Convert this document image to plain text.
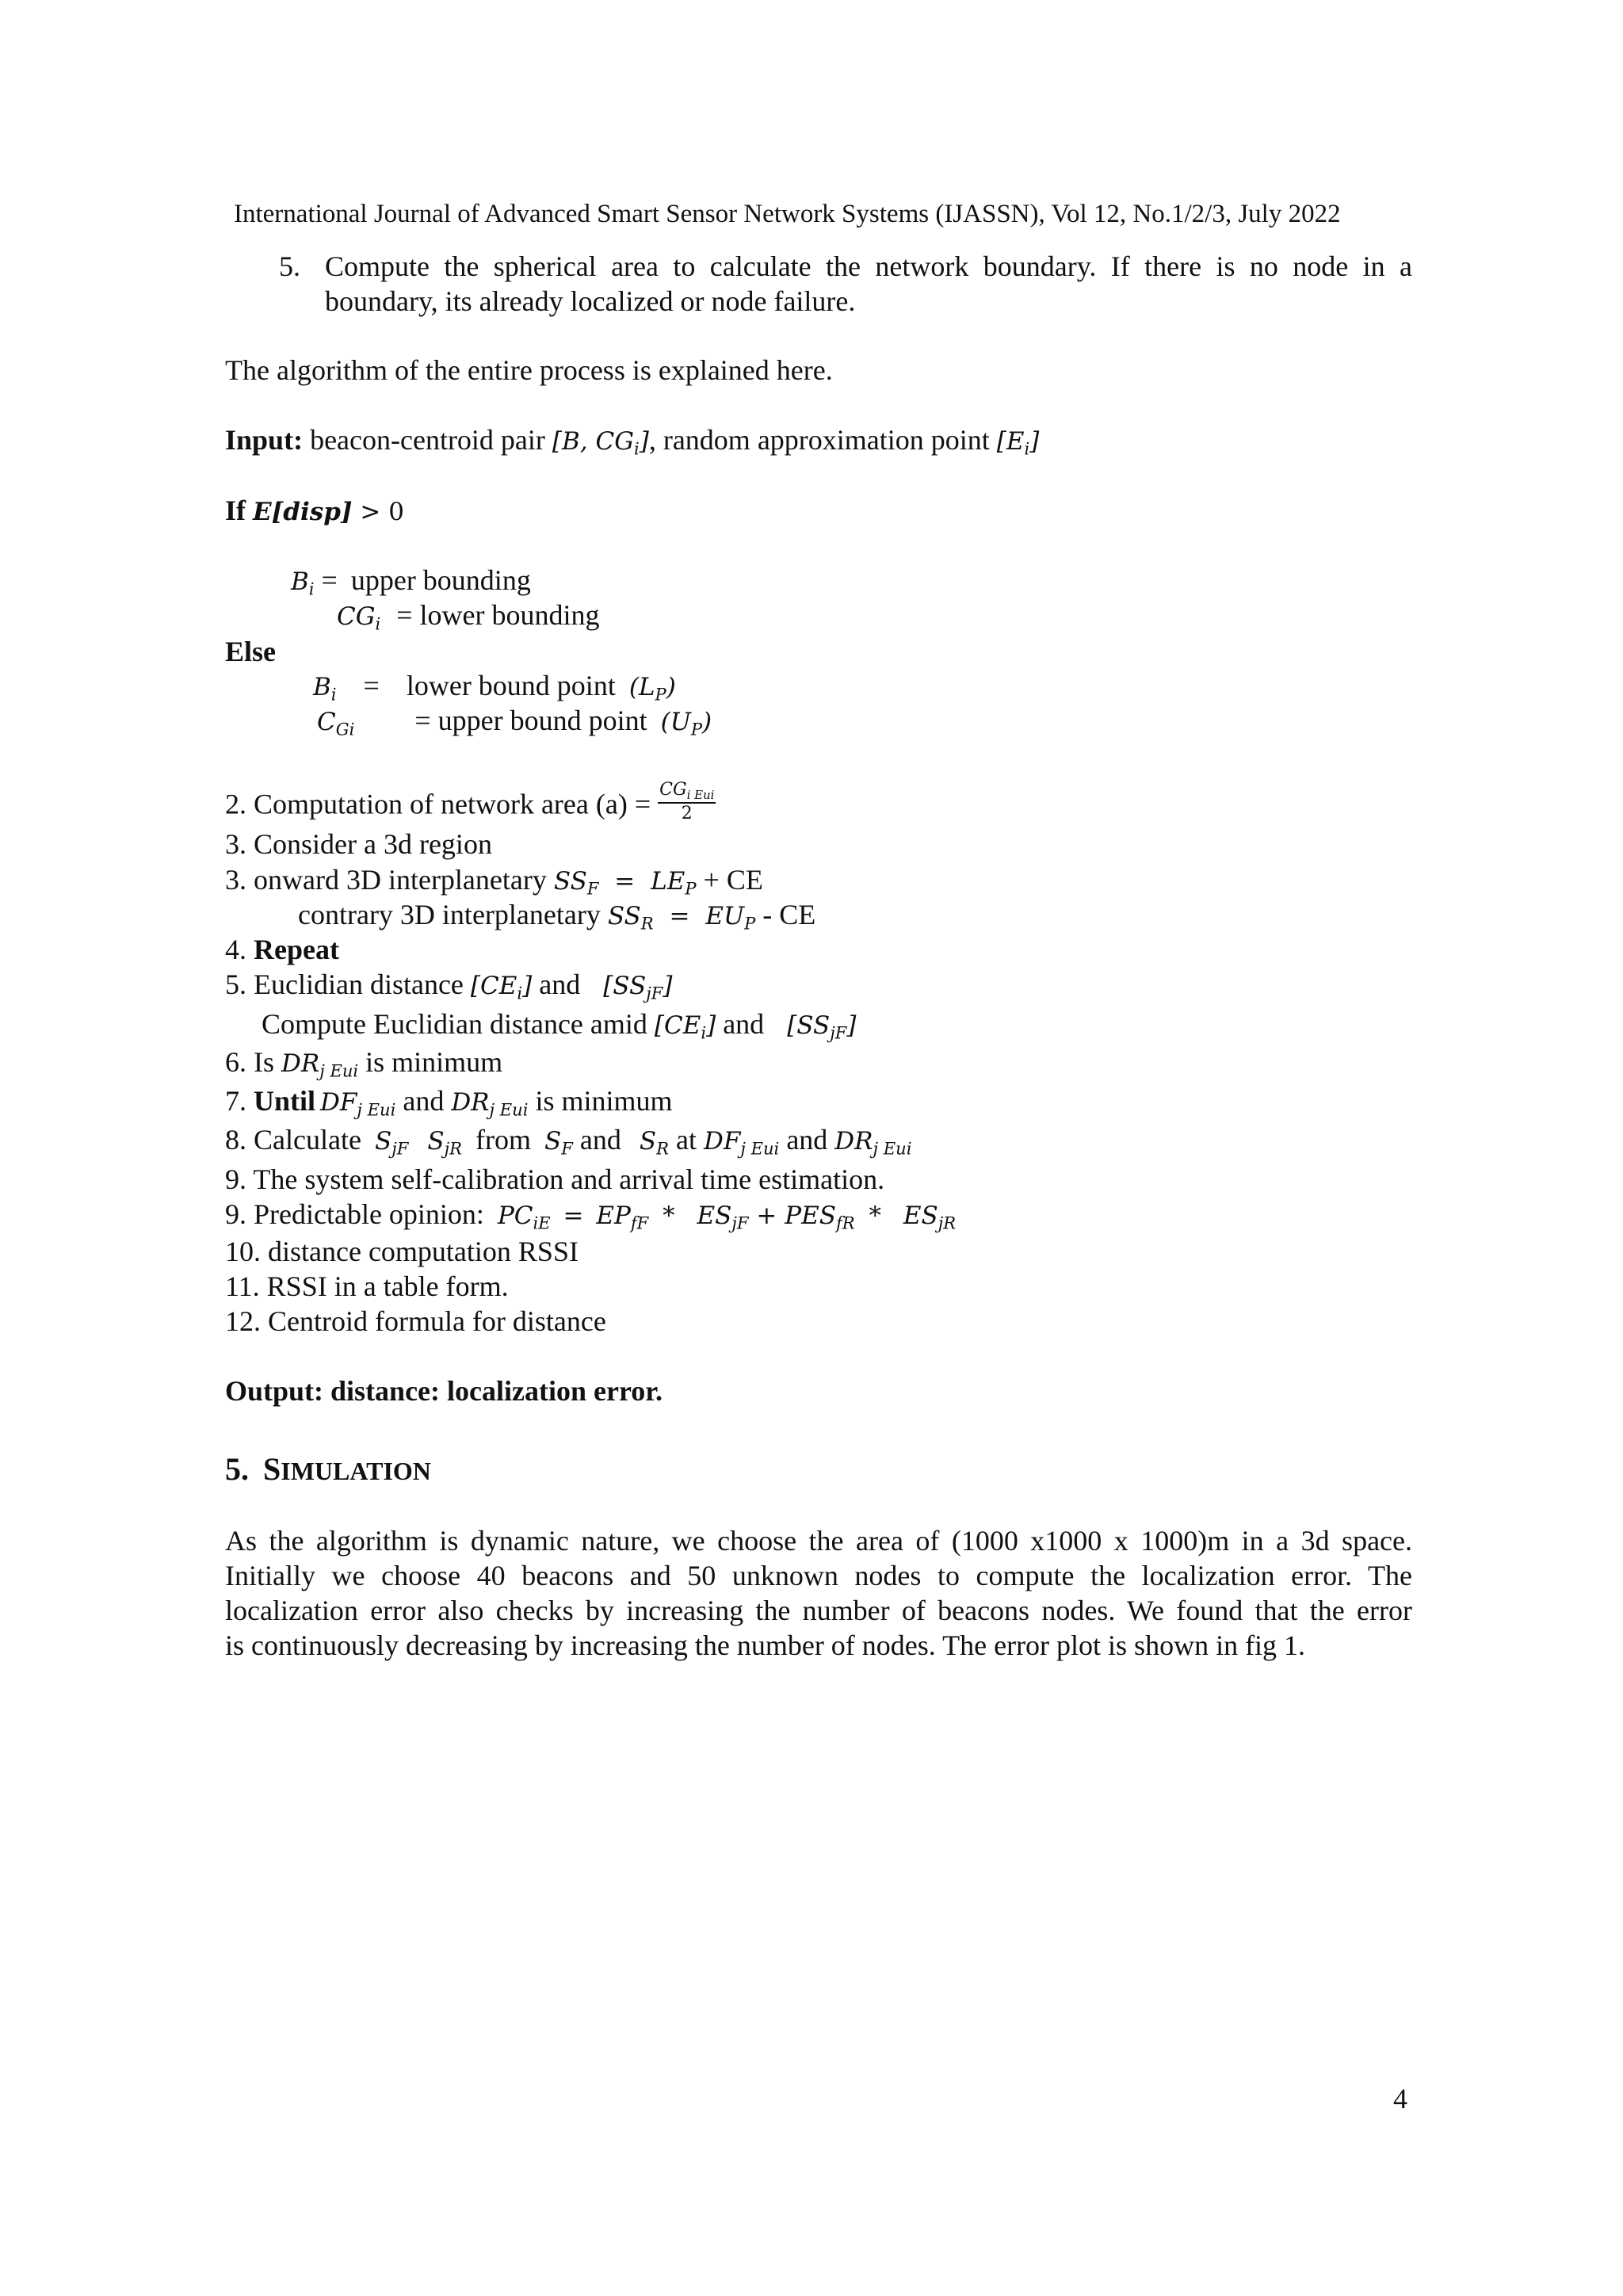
International Journal of Advanced Smart Sensor Network Systems (IJASSN), Vol 12, No.1/2/3, July 2022
5. Compute the spherical area to calculate the network boundary. If there is no node in a
boundary, its already localized or node failure.
The algorithm of the entire process is explained here.
Input: beacon-centroid pair [B, $CG_i$], random approximation point $[E_i]$
If E[disp] > 0
$B_i$ = upper bounding
$CG_i$ = lower bounding
Else
$B_i$ = lower bound point $(L_P)$
$C_{Gi}$ = upper bound point $(U_P)$
2. Computation of network area $(a) = \frac{CG_{i Eui}}{2}$
3. Consider a 3d region
3. onward 3D interplanetary $SS_F = LE_P$ + CE
contrary 3D interplanetary $SS_R = EU_P$ - CE
4. Repeat
5. Euclidian distance $[CE_i]$ and $[SS_{jF}]$
Compute Euclidian distance amid $[CE_i]$ and $[SS_{jF}]$
6. Is $DR_{j Eui}$ is minimum
7. Until $DF_{j Eui}$ and $DR_{j Eui}$ is minimum
8. Calculate $S_{jF}$ $S_{jR}$ from $S_F$ and $S_R$ at $DF_{j Eui}$ and $DR_{j Eui}$
9. The system self-calibration and arrival time estimation.
9. Predictable opinion: $PC_{iE} = EP_{fF} * ES_{jF} + PES_{fR} * ES_{jR}$
10. distance computation RSSI
11. RSSI in a table form.
12. Centroid formula for distance
Output: distance: localization error.
5. SIMULATION
As the algorithm is dynamic nature, we choose the area of (1000 x1000 x 1000)m in a 3d space.
Initially we choose 40 beacons and 50 unknown nodes to compute the localization error. The
localization error also checks by increasing the number of beacons nodes. We found that the error
is continuously decreasing by increasing the number of nodes. The error plot is shown in fig 1.
4
